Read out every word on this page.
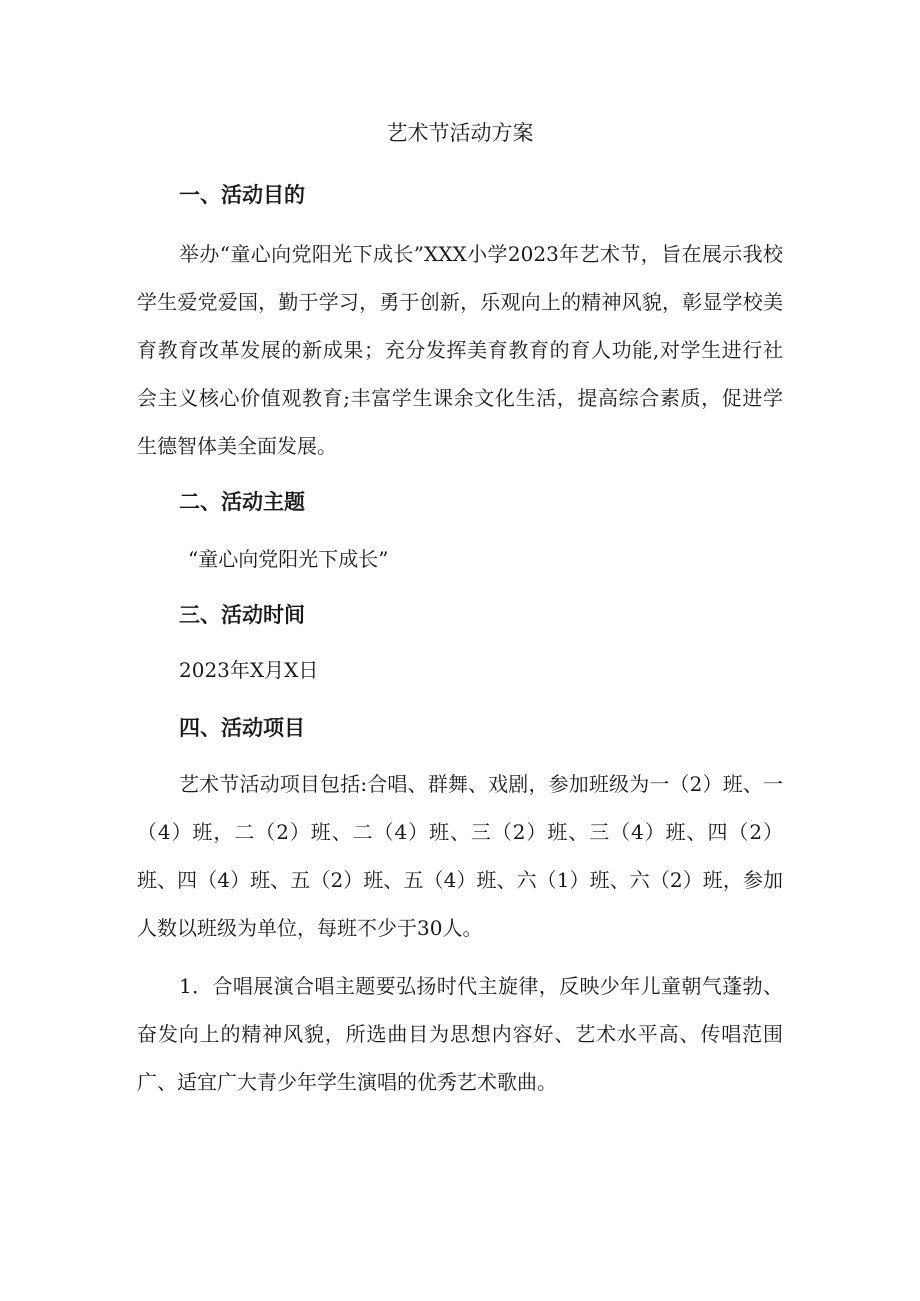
艺术节活动方案
一、活动目的

举办“童心向党阳光下成长”XXX小学2023年艺术节，旨在展示我校学生爱党爱国，勤于学习，勇于创新，乐观向上的精神风貌，彰显学校美育教育改革发展的新成果；充分发挥美育教育的育人功能,对学生进行社会主义核心价值观教育;丰富学生课余文化生活，提高综合素质，促进学生德智体美全面发展。

二、活动主题

“童心向党阳光下成长”

三、活动时间

2023年X月X日

四、活动项目

艺术节活动项目包括:合唱、群舞、戏剧，参加班级为一（2）班、一（4）班，二（2）班、二（4）班、三（2）班、三（4）班、四（2）班、四（4）班、五（2）班、五（4）班、六（1）班、六（2）班，参加人数以班级为单位，每班不少于30人。

1．合唱展演合唱主题要弘扬时代主旋律，反映少年儿童朝气蓬勃、奋发向上的精神风貌，所选曲目为思想内容好、艺术水平高、传唱范围广、适宜广大青少年学生演唱的优秀艺术歌曲。
